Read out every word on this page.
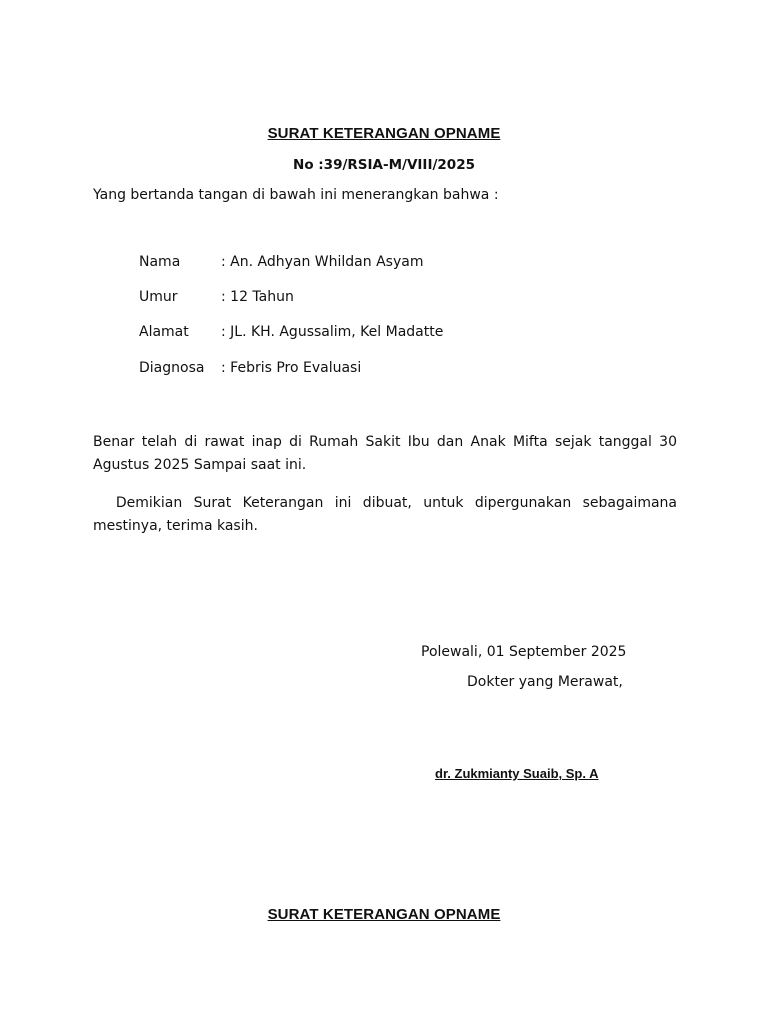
SURAT KETERANGAN OPNAME
No :39/RSIA-M/VIII/2025
Yang bertanda tangan di bawah ini menerangkan bahwa :
Nama	: An. Adhyan Whildan Asyam
Umur	: 12 Tahun
Alamat	: JL. KH. Agussalim, Kel Madatte
Diagnosa	: Febris Pro Evaluasi
Benar telah di rawat inap di Rumah Sakit Ibu dan Anak Mifta sejak tanggal 30 Agustus 2025 Sampai saat ini.
Demikian Surat Keterangan ini dibuat, untuk dipergunakan sebagaimana mestinya, terima kasih.
Polewali, 01 September 2025
Dokter yang Merawat,
dr. Zukmianty Suaib, Sp. A
SURAT KETERANGAN OPNAME
